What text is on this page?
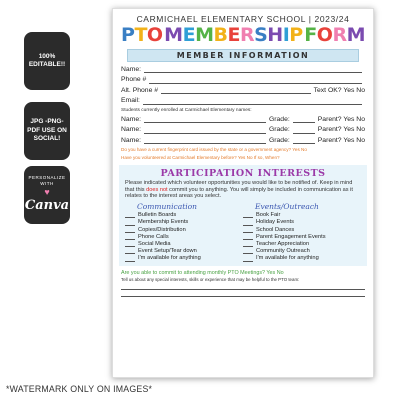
100% EDITABLE!!
JPG -PNG-PDF USE ON SOCIAL!
PERSONALIZE WITH
♥
Canva
*WATERMARK ONLY ON IMAGES*
CARMICHAEL ELEMENTARY SCHOOL | 2023/24
P T O M E M B E R S H I P F O R M
MEMBER INFORMATION
Name:
Phone #
Alt. Phone #	Text OK? Yes No
Email:
Students currently enrolled at Carmichael Elementary names:
Name:	Grade:	Parent? Yes No
Name:	Grade:	Parent? Yes No
Name:	Grade:	Parent? Yes No
Do you have a current fingerprint card issued by the state or a government agency? Yes No
Have you volunteered at Carmichael Elementary before? Yes No If so, When?
PARTICIPATION INTERESTS
Please indicated which volunteer opportunities you would like to be notified of. Keep in mind that this does not commit you to anything. You will simply be included in communication as it relates to the interest areas you select.
Communication
Bulletin Boards
Membership Events
Copies/Distribution
Phone Calls
Social Media
Event Setup/Tear down
I'm available for anything
Events/Outreach
Book Fair
Holiday Events
School Dances
Parent Engagement Events
Teacher Appreciation
Community Outreach
I'm available for anything
Are you able to commit to attending monthly PTO Meetings? Yes No
Tell us about any special interests, skills or experience that may be helpful to the PTO team:
